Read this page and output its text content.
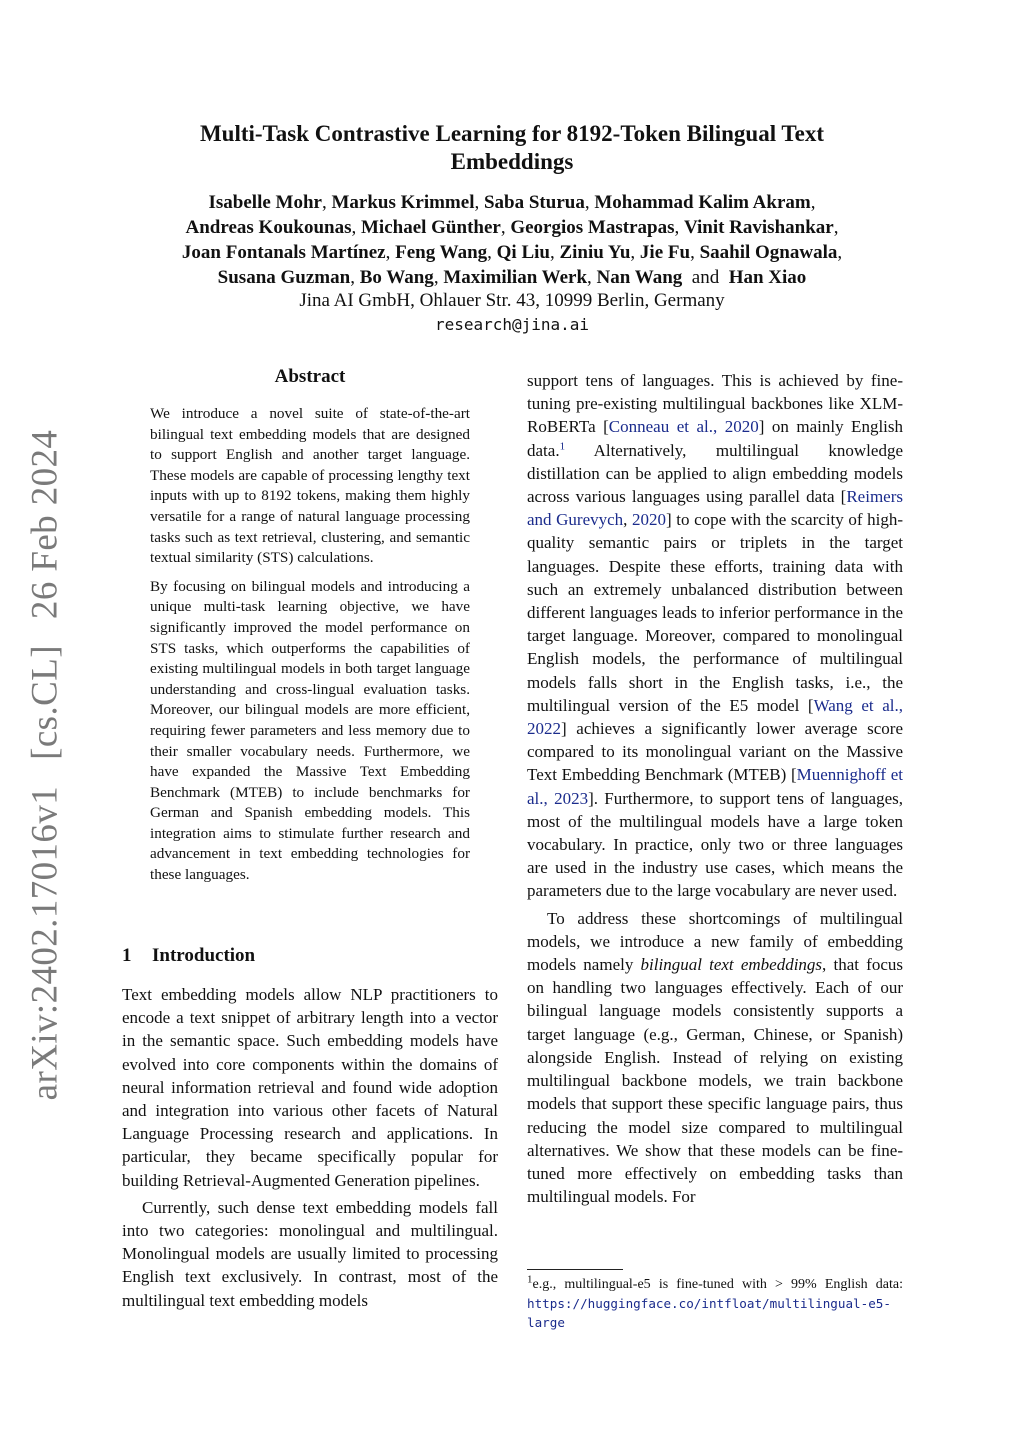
arXiv:2402.17016v1[cs.CL]26 Feb 2024
Multi-Task Contrastive Learning for 8192-Token Bilingual Text Embeddings
Isabelle Mohr, Markus Krimmel, Saba Sturua, Mohammad Kalim Akram,
Andreas Koukounas, Michael Günther, Georgios Mastrapas, Vinit Ravishankar,
Joan Fontanals Martínez, Feng Wang, Qi Liu, Ziniu Yu, Jie Fu, Saahil Ognawala,
Susana Guzman, Bo Wang, Maximilian Werk, Nan Wang and Han Xiao
Jina AI GmbH, Ohlauer Str. 43, 10999 Berlin, Germany
research@jina.ai
Abstract

We introduce a novel suite of state-of-the-art bilingual text embedding models that are designed to support English and another target language. These models are capable of processing lengthy text inputs with up to 8192 tokens, making them highly versatile for a range of natural language processing tasks such as text retrieval, clustering, and semantic textual similarity (STS) calculations.

By focusing on bilingual models and introducing a unique multi-task learning objective, we have significantly improved the model performance on STS tasks, which outperforms the capabilities of existing multilingual models in both target language understanding and cross-lingual evaluation tasks. Moreover, our bilingual models are more efficient, requiring fewer parameters and less memory due to their smaller vocabulary needs. Furthermore, we have expanded the Massive Text Embedding Benchmark (MTEB) to include benchmarks for German and Spanish embedding models. This integration aims to stimulate further research and advancement in text embedding technologies for these languages.

1 Introduction

Text embedding models allow NLP practitioners to encode a text snippet of arbitrary length into a vector in the semantic space. Such embedding models have evolved into core components within the domains of neural information retrieval and found wide adoption and integration into various other facets of Natural Language Processing research and applications. In particular, they became specifically popular for building Retrieval-Augmented Generation pipelines.

Currently, such dense text embedding models fall into two categories: monolingual and multilingual. Monolingual models are usually limited to processing English text exclusively. In contrast, most of the multilingual text embedding models

support tens of languages. This is achieved by fine-tuning pre-existing multilingual backbones like XLM-RoBERTa [Conneau et al., 2020] on mainly English data.$^1$ Alternatively, multilingual knowledge distillation can be applied to align embedding models across various languages using parallel data [Reimers and Gurevych, 2020] to cope with the scarcity of high-quality semantic pairs or triplets in the target languages. Despite these efforts, training data with such an extremely unbalanced distribution between different languages leads to inferior performance in the target language. Moreover, compared to monolingual English models, the performance of multilingual models falls short in the English tasks, i.e., the multilingual version of the E5 model [Wang et al., 2022] achieves a significantly lower average score compared to its monolingual variant on the Massive Text Embedding Benchmark (MTEB) [Muennighoff et al., 2023]. Furthermore, to support tens of languages, most of the multilingual models have a large token vocabulary. In practice, only two or three languages are used in the industry use cases, which means the parameters due to the large vocabulary are never used.

To address these shortcomings of multilingual models, we introduce a new family of embedding models namely bilingual text embeddings, that focus on handling two languages effectively. Each of our bilingual language models consistently supports a target language (e.g., German, Chinese, or Spanish) alongside English. Instead of relying on existing multilingual backbone models, we train backbone models that support these specific language pairs, thus reducing the model size compared to multilingual alternatives. We show that these models can be fine-tuned more effectively on embedding tasks than multilingual models. For

$^1$e.g., multilingual-e5 is fine-tuned with > 99% English data: https://huggingface.co/intfloat/multilingual-e5-large
